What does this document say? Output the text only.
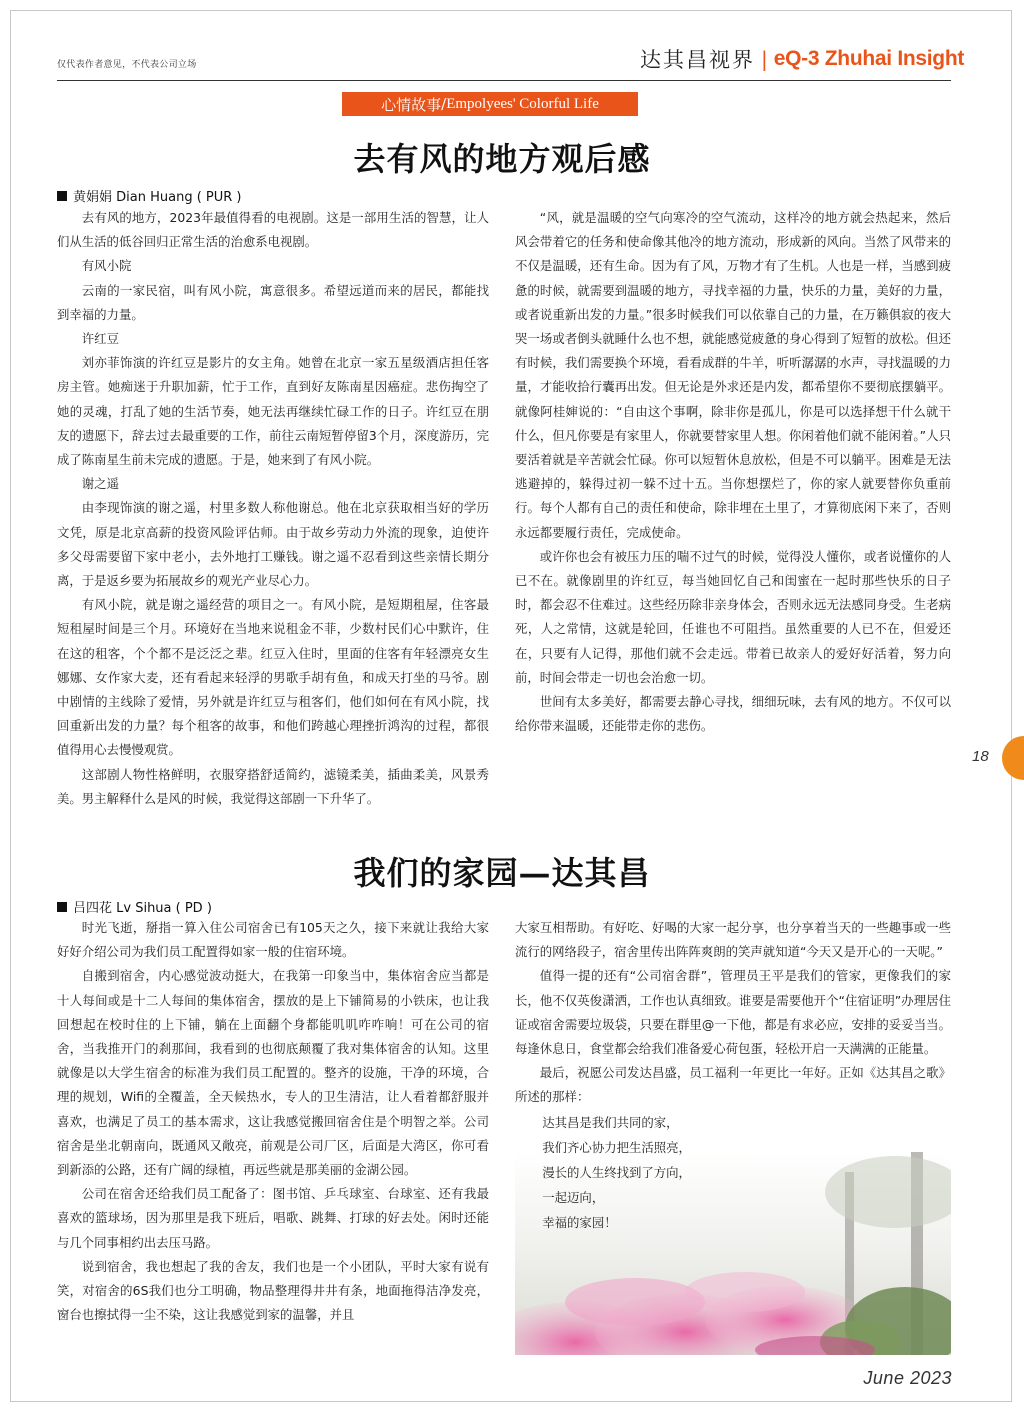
仅代表作者意见，不代表公司立场	达其昌视界 | eQ-3 Zhuhai Insight
心情故事 / Empolyees' Colorful Life
去有风的地方观后感
黄娟娟 Dian Huang ( PUR )

去有风的地方，2023年最值得看的电视剧。这是一部用生活的智慧，让人们从生活的低谷回归正常生活的治愈系电视剧。

有风小院

云南的一家民宿，叫有风小院，寓意很多。希望远道而来的居民，都能找到幸福的力量。

许红豆

刘亦菲饰演的许红豆是影片的女主角。她曾在北京一家五星级酒店担任客房主管。她痴迷于升职加薪，忙于工作，直到好友陈南星因癌症。悲伤掏空了她的灵魂，打乱了她的生活节奏，她无法再继续忙碌工作的日子。许红豆在朋友的遗愿下，辞去过去最重要的工作，前往云南短暂停留3个月，深度游历，完成了陈南星生前未完成的遗愿。于是，她来到了有风小院。

谢之遥

由李现饰演的谢之遥，村里多数人称他谢总。他在北京获取相当好的学历文凭，原是北京高薪的投资风险评估师。由于故乡劳动力外流的现象，迫使许多父母需要留下家中老小，去外地打工赚钱。谢之遥不忍看到这些亲情长期分离，于是返乡要为拓展故乡的观光产业尽心力。

有风小院，就是谢之遥经营的项目之一。有风小院，是短期租屋，住客最短租屋时间是三个月。环境好在当地来说租金不菲，少数村民们心中默许，住在这的租客，个个都不是泛泛之辈。红豆入住时，里面的住客有年轻漂亮女生娜娜、女作家大麦，还有看起来轻浮的男歌手胡有鱼，和成天打坐的马爷。剧中剧情的主线除了爱情，另外就是许红豆与租客们，他们如何在有风小院，找回重新出发的力量？每个租客的故事，和他们跨越心理挫折鸿沟的过程，都很值得用心去慢慢观赏。

这部剧人物性格鲜明，衣服穿搭舒适简约，滤镜柔美，插曲柔美，风景秀美。男主解释什么是风的时候，我觉得这部剧一下升华了。

“风，就是温暖的空气向寒冷的空气流动，这样冷的地方就会热起来，然后风会带着它的任务和使命像其他冷的地方流动，形成新的风向。当然了风带来的不仅是温暖，还有生命。因为有了风，万物才有了生机。人也是一样，当感到疲惫的时候，就需要到温暖的地方，寻找幸福的力量，快乐的力量，美好的力量，或者说重新出发的力量。”很多时候我们可以依靠自己的力量，在万籁俱寂的夜大哭一场或者倒头就睡什么也不想，就能感觉疲惫的身心得到了短暂的放松。但还有时候，我们需要换个环境，看看成群的牛羊，听听潺潺的水声，寻找温暖的力量，才能收拾行囊再出发。但无论是外求还是内发，都希望你不要彻底摆躺平。就像阿桂婶说的：“自由这个事啊，除非你是孤儿，你是可以选择想干什么就干什么，但凡你要是有家里人，你就要替家里人想。你闲着他们就不能闲着。”人只要活着就是辛苦就会忙碌。你可以短暂休息放松，但是不可以躺平。困难是无法逃避掉的，躲得过初一躲不过十五。当你想摆烂了，你的家人就要替你负重前行。每个人都有自己的责任和使命，除非埋在土里了，才算彻底闲下来了，否则永远都要履行责任，完成使命。

或许你也会有被压力压的喘不过气的时候，觉得没人懂你，或者说懂你的人已不在。就像剧里的许红豆，每当她回忆自己和闺蜜在一起时那些快乐的日子时，都会忍不住难过。这些经历除非亲身体会，否则永远无法感同身受。生老病死，人之常情，这就是轮回，任谁也不可阻挡。虽然重要的人已不在，但爱还在，只要有人记得，那他们就不会走远。带着已故亲人的爱好好活着，努力向前，时间会带走一切也会治愈一切。

世间有太多美好，都需要去静心寻找，细细玩味，去有风的地方。不仅可以给你带来温暖，还能带走你的悲伤。

我们的家园—达其昌
吕四花 Lv Sihua ( PD )

时光飞逝，掰指一算入住公司宿舍已有105天之久，接下来就让我给大家好好介绍公司为我们员工配置得如家一般的住宿环境。

自搬到宿舍，内心感觉波动挺大，在我第一印象当中，集体宿舍应当都是十人每间或是十二人每间的集体宿舍，摆放的是上下铺简易的小铁床，也让我回想起在校时住的上下铺，躺在上面翻个身都能叽叽咋咋响！可在公司的宿舍，当我推开门的刹那间，我看到的也彻底颠覆了我对集体宿舍的认知。这里就像是以大学生宿舍的标准为我们员工配置的。整齐的设施，干净的环境，合理的规划，Wifi的全覆盖，全天候热水，专人的卫生清洁，让人看着都舒服并喜欢，也满足了员工的基本需求，这让我感觉搬回宿舍住是个明智之举。公司宿舍是坐北朝南向，既通风又敞亮，前观是公司厂区，后面是大湾区，你可看到新添的公路，还有广阔的绿植，再远些就是那美丽的金湖公园。

公司在宿舍还给我们员工配备了：图书馆、乒乓球室、台球室、还有我最喜欢的篮球场，因为那里是我下班后，唱歌、跳舞、打球的好去处。闲时还能与几个同事相约出去压马路。

说到宿舍，我也想起了我的舍友，我们也是一个小团队，平时大家有说有笑，对宿舍的6S我们也分工明确，物品整理得井井有条，地面拖得洁净发亮，窗台也擦拭得一尘不染，这让我感觉到家的温馨，并且

大家互相帮助。有好吃、好喝的大家一起分享，也分享着当天的一些趣事或一些流行的网络段子，宿舍里传出阵阵爽朗的笑声就知道“今天又是开心的一天呢。”

值得一提的还有“公司宿舍群”，管理员王平是我们的管家，更像我们的家长，他不仅英俊潇洒，工作也认真细致。谁要是需要他开个“住宿证明”办理居住证或宿舍需要垃圾袋，只要在群里@一下他，都是有求必应，安排的妥妥当当。每逢休息日，食堂都会给我们准备爱心荷包蛋，轻松开启一天满满的正能量。

最后，祝愿公司发达昌盛，员工福利一年更比一年好。正如《达其昌之歌》所述的那样：

达其昌是我们共同的家，

我们齐心协力把生活照亮，

漫长的人生终找到了方向，

一起迈向，

幸福的家园！

18
June 2023
